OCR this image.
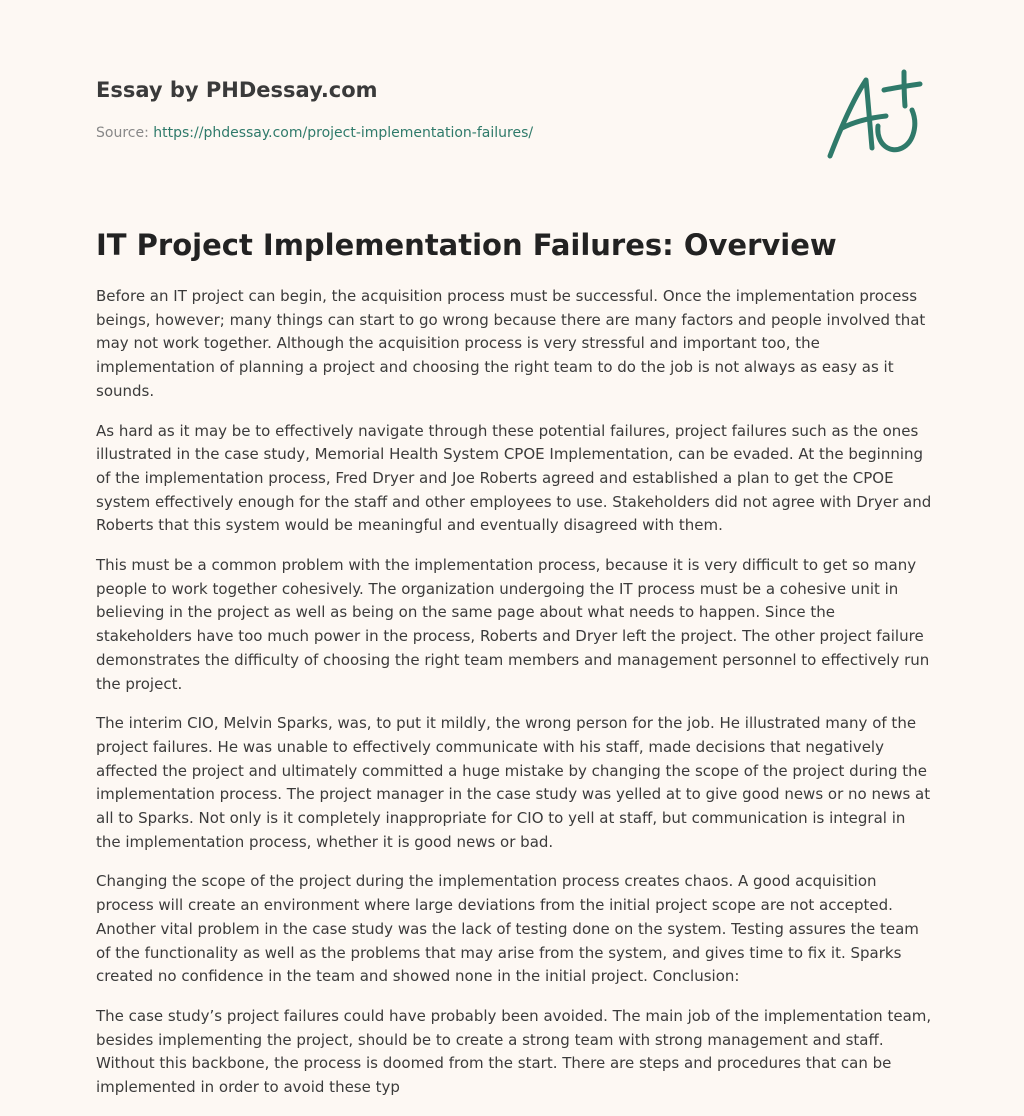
Essay by PHDessay.com

Source: https://phdessay.com/project-implementation-failures/

IT Project Implementation Failures: Overview

Before an IT project can begin, the acquisition process must be successful. Once the implementation process beings, however; many things can start to go wrong because there are many factors and people involved that may not work together. Although the acquisition process is very stressful and important too, the implementation of planning a project and choosing the right team to do the job is not always as easy as it sounds.

As hard as it may be to effectively navigate through these potential failures, project failures such as the ones illustrated in the case study, Memorial Health System CPOE Implementation, can be evaded. At the beginning of the implementation process, Fred Dryer and Joe Roberts agreed and established a plan to get the CPOE system effectively enough for the staff and other employees to use. Stakeholders did not agree with Dryer and Roberts that this system would be meaningful and eventually disagreed with them.

This must be a common problem with the implementation process, because it is very difficult to get so many people to work together cohesively. The organization undergoing the IT process must be a cohesive unit in believing in the project as well as being on the same page about what needs to happen. Since the stakeholders have too much power in the process, Roberts and Dryer left the project. The other project failure demonstrates the difficulty of choosing the right team members and management personnel to effectively run the project.

The interim CIO, Melvin Sparks, was, to put it mildly, the wrong person for the job. He illustrated many of the project failures. He was unable to effectively communicate with his staff, made decisions that negatively affected the project and ultimately committed a huge mistake by changing the scope of the project during the implementation process. The project manager in the case study was yelled at to give good news or no news at all to Sparks. Not only is it completely inappropriate for CIO to yell at staff, but communication is integral in the implementation process, whether it is good news or bad.

Changing the scope of the project during the implementation process creates chaos. A good acquisition process will create an environment where large deviations from the initial project scope are not accepted. Another vital problem in the case study was the lack of testing done on the system. Testing assures the team of the functionality as well as the problems that may arise from the system, and gives time to fix it. Sparks created no confidence in the team and showed none in the initial project. Conclusion:

The case study’s project failures could have probably been avoided. The main job of the implementation team, besides implementing the project, should be to create a strong team with strong management and staff. Without this backbone, the process is doomed from the start. There are steps and procedures that can be implemented in order to avoid these typ
